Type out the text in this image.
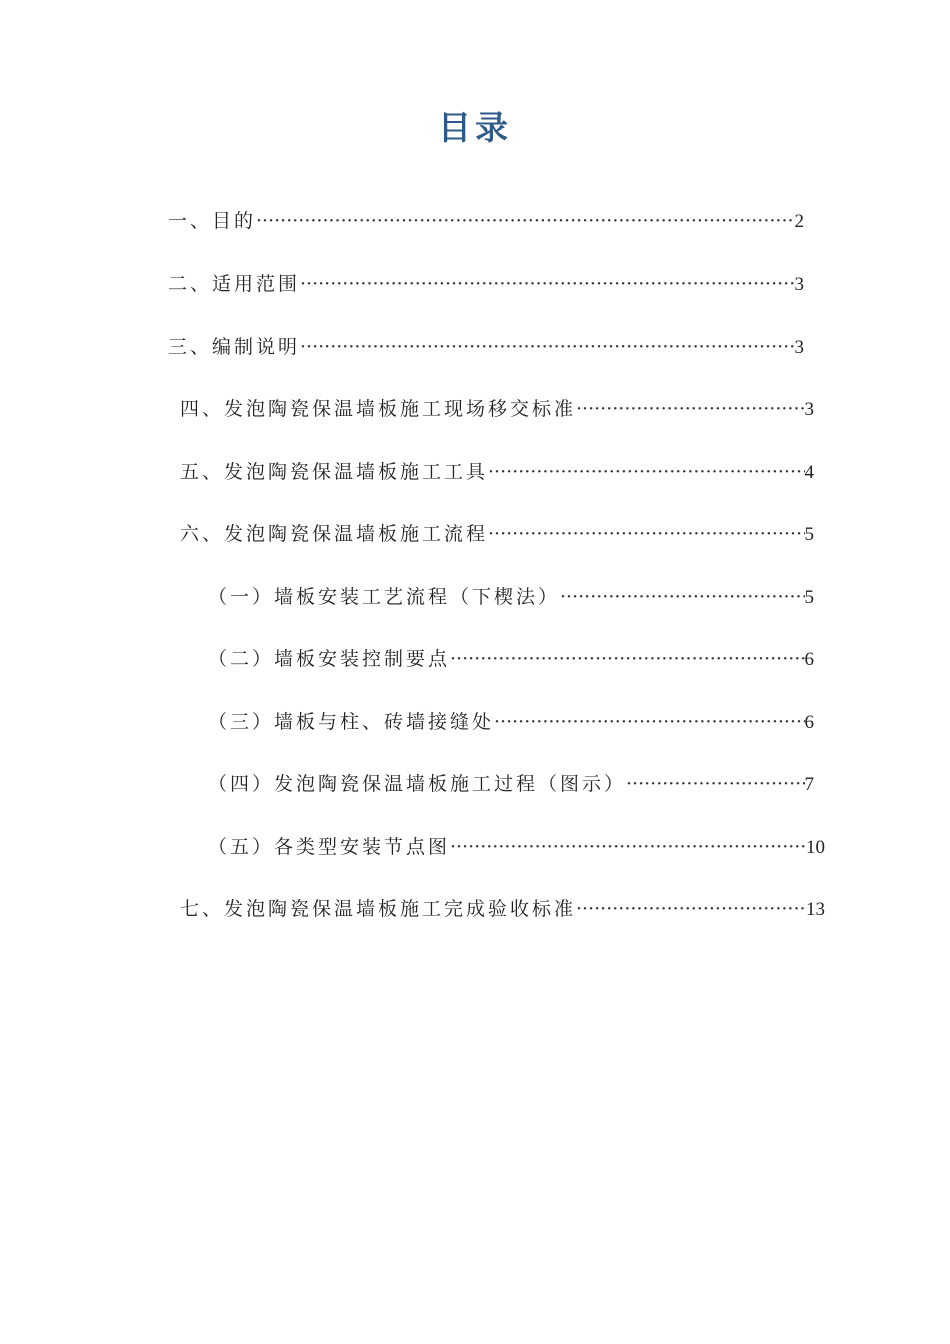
目录
一、目的 ·····	2
二、适用范围 ·····	3
三、编制说明 ·····	3
四、发泡陶瓷保温墙板施工现场移交标准 ·····	3
五、发泡陶瓷保温墙板施工工具 ·····	4
六、发泡陶瓷保温墙板施工流程 ·····	5
（一）墙板安装工艺流程（下楔法） ·····	5
（二）墙板安装控制要点 ·····	6
（三）墙板与柱、砖墙接缝处 ·····	6
（四）发泡陶瓷保温墙板施工过程（图示） ·····	7
（五）各类型安装节点图 ·····	10
七、发泡陶瓷保温墙板施工完成验收标准 ·····	13
